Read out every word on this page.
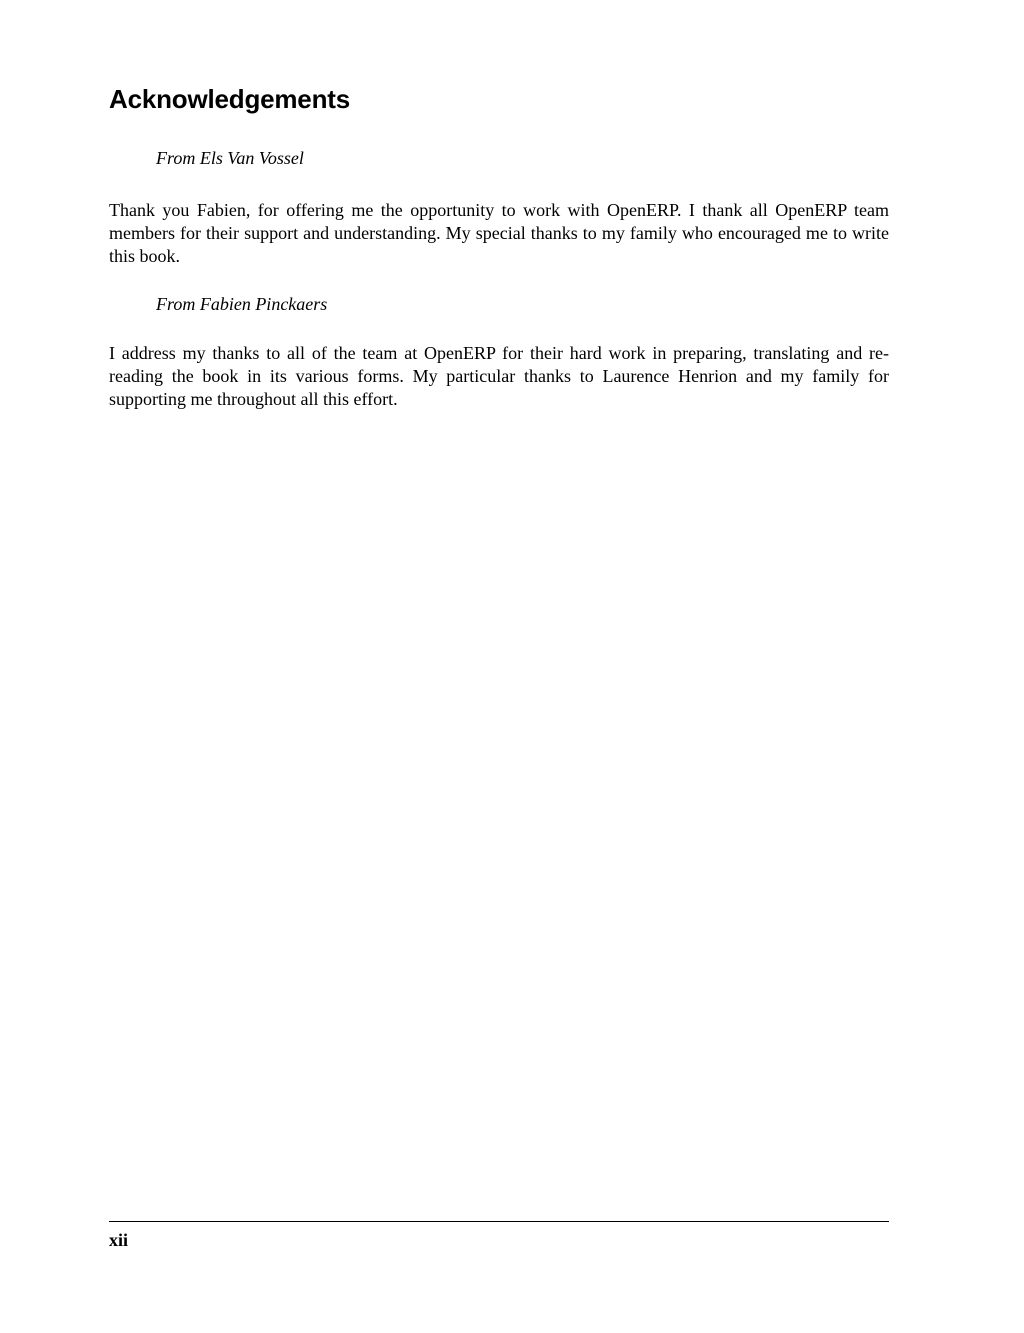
Acknowledgements

From Els Van Vossel

Thank you Fabien, for offering me the opportunity to work with OpenERP. I thank all OpenERP team members for their support and understanding. My special thanks to my family who encouraged me to write this book.

From Fabien Pinckaers

I address my thanks to all of the team at OpenERP for their hard work in preparing, translating and re-reading the book in its various forms. My particular thanks to Laurence Henrion and my family for supporting me throughout all this effort.

xii
